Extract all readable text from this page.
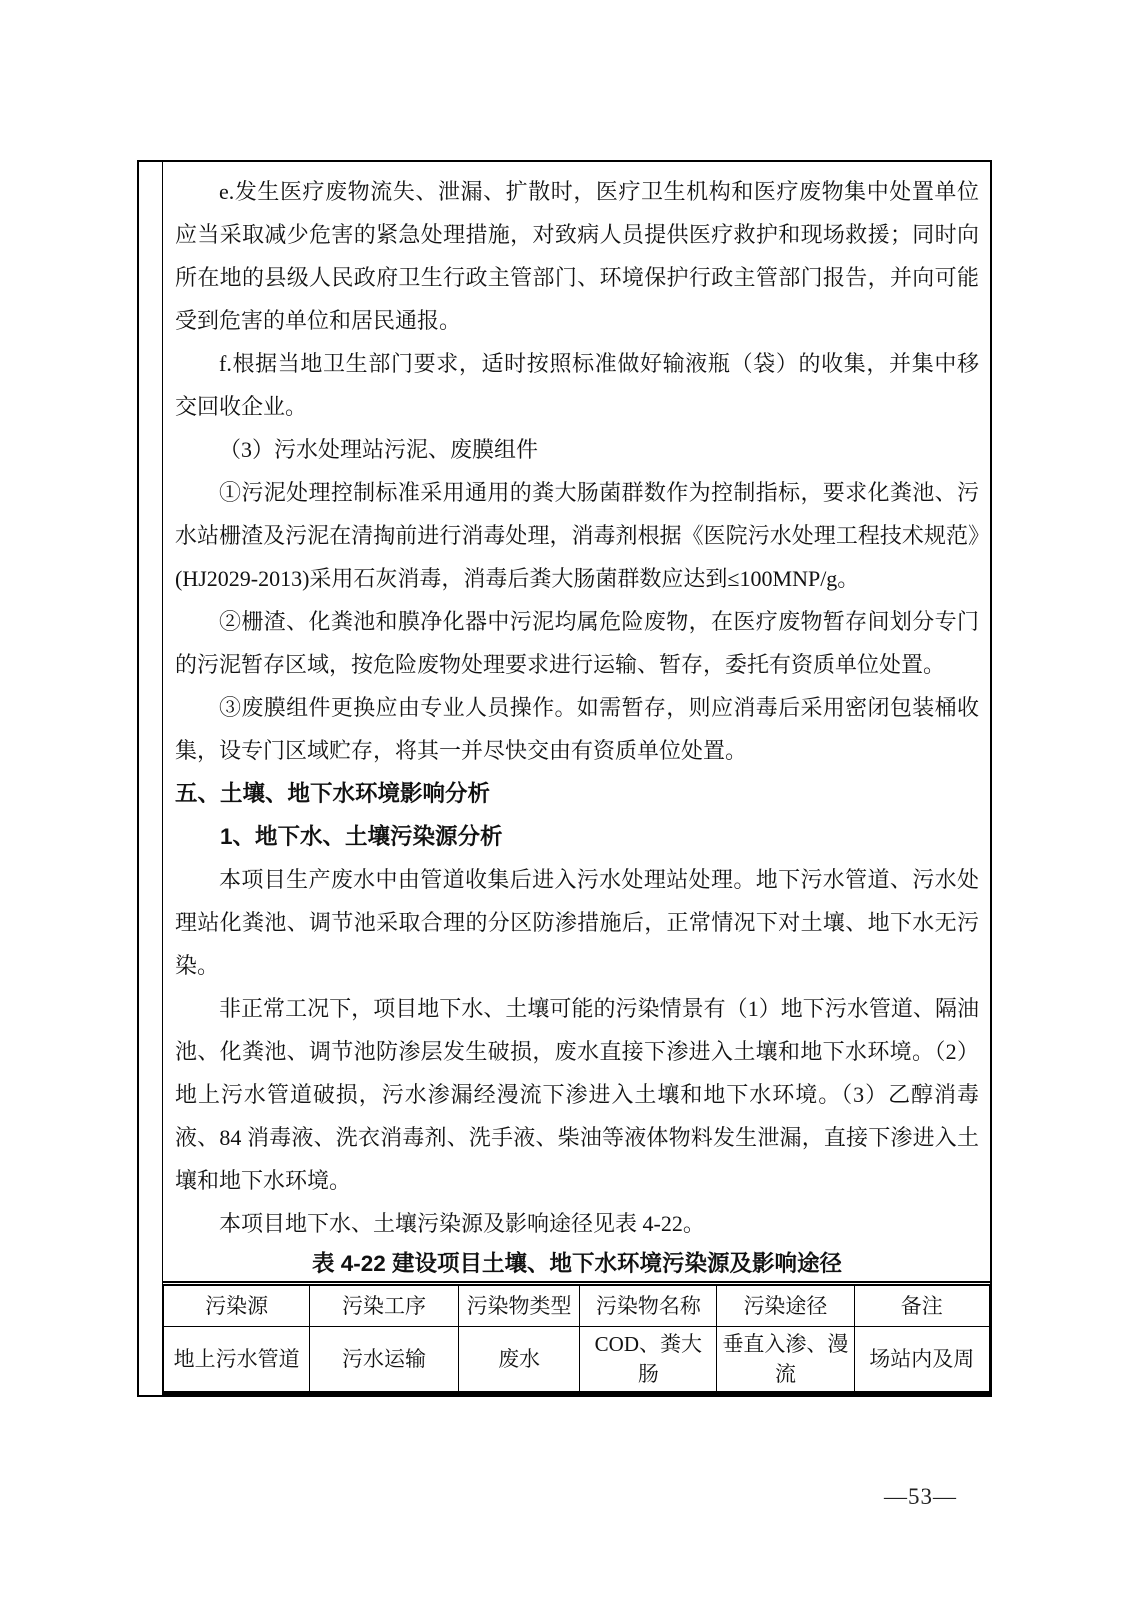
e.发生医疗废物流失、泄漏、扩散时，医疗卫生机构和医疗废物集中处置单位应当采取减少危害的紧急处理措施，对致病人员提供医疗救护和现场救援；同时向所在地的县级人民政府卫生行政主管部门、环境保护行政主管部门报告，并向可能受到危害的单位和居民通报。

f.根据当地卫生部门要求，适时按照标准做好输液瓶（袋）的收集，并集中移交回收企业。

（3）污水处理站污泥、废膜组件

①污泥处理控制标准采用通用的粪大肠菌群数作为控制指标，要求化粪池、污水站栅渣及污泥在清掏前进行消毒处理，消毒剂根据《医院污水处理工程技术规范》(HJ2029-2013)采用石灰消毒，消毒后粪大肠菌群数应达到≤100MNP/g。

②栅渣、化粪池和膜净化器中污泥均属危险废物，在医疗废物暂存间划分专门的污泥暂存区域，按危险废物处理要求进行运输、暂存，委托有资质单位处置。

③废膜组件更换应由专业人员操作。如需暂存，则应消毒后采用密闭包装桶收集，设专门区域贮存，将其一并尽快交由有资质单位处置。

五、土壤、地下水环境影响分析
1、地下水、土壤污染源分析

本项目生产废水中由管道收集后进入污水处理站处理。地下污水管道、污水处理站化粪池、调节池采取合理的分区防渗措施后，正常情况下对土壤、地下水无污染。

非正常工况下，项目地下水、土壤可能的污染情景有（1）地下污水管道、隔油池、化粪池、调节池防渗层发生破损，废水直接下渗进入土壤和地下水环境。（2）地上污水管道破损，污水渗漏经漫流下渗进入土壤和地下水环境。（3）乙醇消毒液、84 消毒液、洗衣消毒剂、洗手液、柴油等液体物料发生泄漏，直接下渗进入土壤和地下水环境。

本项目地下水、土壤污染源及影响途径见表 4-22。

表 4-22 建设项目土壤、地下水环境污染源及影响途径
污染源	污染工序	污染物类型	污染物名称	污染途径	备注
地上污水管道	污水运输	废水	COD、粪大肠	垂直入渗、漫流	场站内及周
—53—
